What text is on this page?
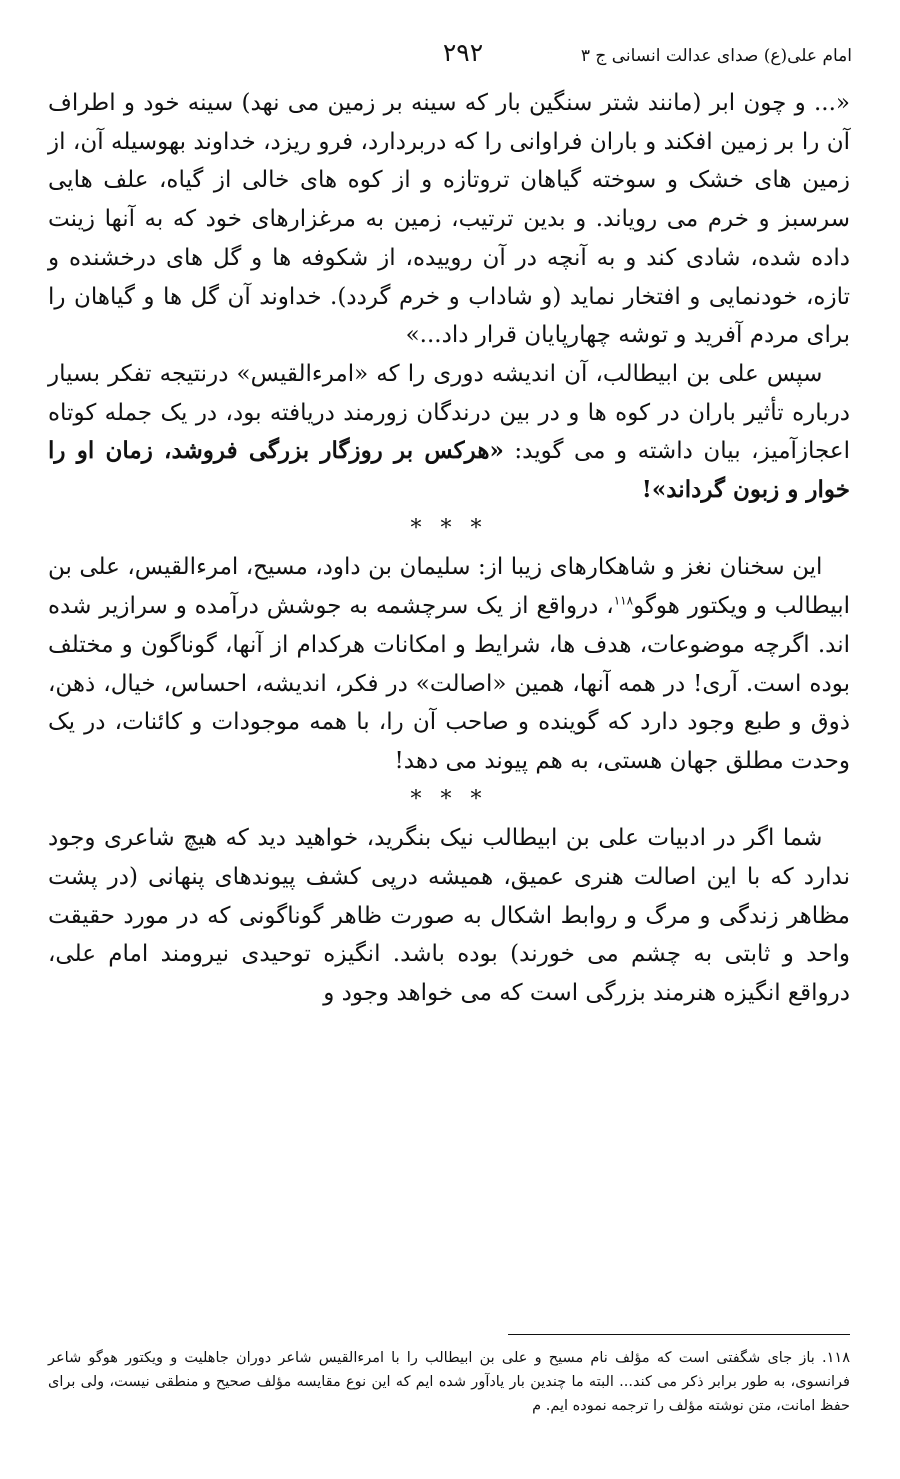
امام علی(ع) صدای عدالت انسانی ج ٣
٢٩٢

«... و چون ابر (مانند شتر سنگین بار که سینه بر زمین می نهد) سینه خود و اطراف آن را بر زمین افکند و باران فراوانی را که دربردارد، فرو ریزد، خداوند بهوسیله آن، از زمین های خشک و سوخته گیاهان تروتازه و از کوه های خالی از گیاه، علف هایی سرسبز و خرم می رویاند. و بدین ترتیب، زمین به مرغزارهای خود که به آنها زینت داده شده، شادی کند و به آنچه در آن روییده، از شکوفه ها و گل های درخشنده و تازه، خودنمایی و افتخار نماید (و شاداب و خرم گردد). خداوند آن گل ها و گیاهان را برای مردم آفرید و توشه چهارپایان قرار داد...»

سپس علی بن ابیطالب، آن اندیشه دوری را که «امرءالقیس» درنتیجه تفکر بسیار درباره تأثیر باران در کوه ها و در بین درندگان زورمند دریافته بود، در یک جمله کوتاه اعجازآمیز، بیان داشته و می گوید: «هرکس بر روزگار بزرگی فروشد، زمان او را خوار و زبون گرداند»!

* * *

این سخنان نغز و شاهکارهای زیبا از: سلیمان بن داود، مسیح، امرءالقیس، علی بن ابیطالب و ویکتور هوگو$^{١١٨}$، درواقع از یک سرچشمه به جوشش درآمده و سرازیر شده اند. اگرچه موضوعات، هدف ها، شرایط و امکانات هرکدام از آنها، گوناگون و مختلف بوده است. آری! در همه آنها، همین «اصالت» در فکر، اندیشه، احساس، خیال، ذهن، ذوق و طبع وجود دارد که گوینده و صاحب آن را، با همه موجودات و کائنات، در یک وحدت مطلق جهان هستی، به هم پیوند می دهد!

* * *

شما اگر در ادبیات علی بن ابیطالب نیک بنگرید، خواهید دید که هیچ شاعری وجود ندارد که با این اصالت هنری عمیق، همیشه درپی کشف پیوندهای پنهانی (در پشت مظاهر زندگی و مرگ و روابط اشکال به صورت ظاهر گوناگونی که در مورد حقیقت واحد و ثابتی به چشم می خورند) بوده باشد. انگیزه توحیدی نیرومند امام علی، درواقع انگیزه هنرمند بزرگی است که می خواهد وجود و

١١٨. باز جای شگفتی است که مؤلف نام مسیح و علی بن ابیطالب را با امرءالقیس شاعر دوران جاهلیت و ویکتور هوگو شاعر فرانسوی، به طور برابر ذکر می کند... البته ما چندین بار یادآور شده ایم که این نوع مقایسه مؤلف صحیح و منطقی نیست، ولی برای حفظ امانت، متن نوشته مؤلف را ترجمه نموده ایم. م
